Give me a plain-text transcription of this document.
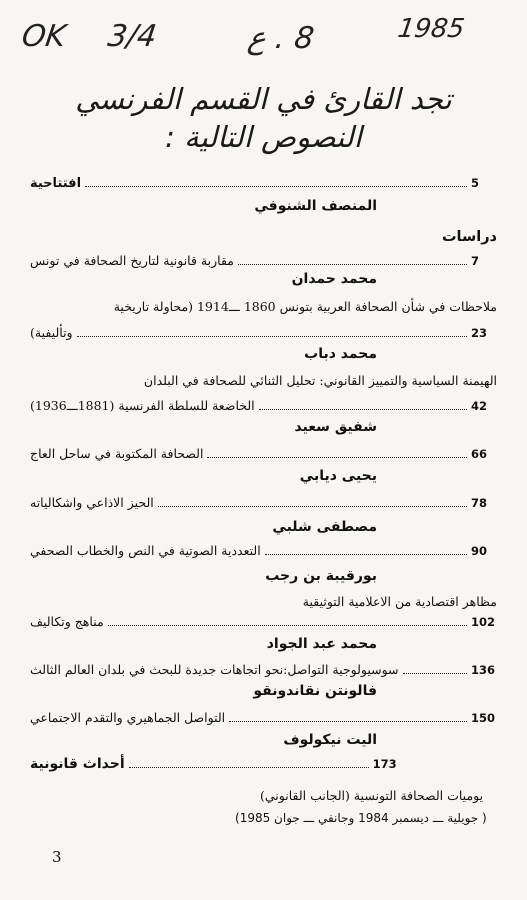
OK 3/4	8 . ع	1985
تجد القارئ في القسم الفرنسي
النصوص التالية :
افتتاحية	5
المنصف الشنوفي
دراسات
مقاربة قانونية لتاريخ الصحافة في تونس	7
محمد حمدان
ملاحظات في شأن الصحافة العربية بتونس 1860 ـــ1914 (محاولة تاريخية
وتأليفية)	23
محمد دباب
الهيمنة السياسية والتمييز القانوني: تحليل الثنائي للصحافة في البلدان
الخاضعة للسلطة الفرنسية (1881ـــ1936)	42
شفيق سعيد
الصحافة المكتوبة في ساحل العاج	66
يحيى ديابي
الحيز الاذاعي واشكالياته	78
مصطفى شلبي
التعددية الصوتية في النص والخطاب الصحفي	90
بورقيبة بن رجب
مظاهر اقتصادية من الاعلامية التوثيقية
مناهج وتكاليف	102
محمد عبد الجواد
سوسيولوجية التواصل:نحو اتجاهات جديدة للبحث في بلدان العالم الثالث	136
فالونتن نقاندونقو
التواصل الجماهيري والتقدم الاجتماعي	150
اليت نيكولوف
أحداث قانونية	173
يوميات الصحافة التونسية (الجانب القانوني)
( جويلية ـــ ديسمبر 1984 وجانفي ـــ جوان 1985)
3
